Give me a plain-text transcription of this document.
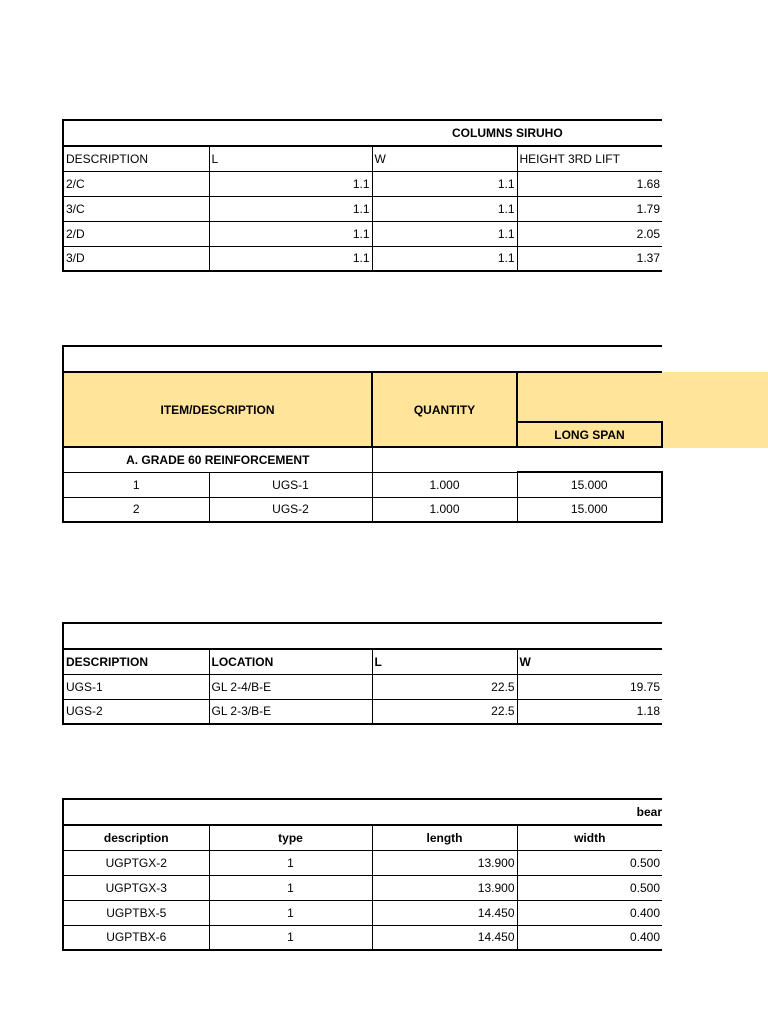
		COLUMNS SIRUHO	
DESCRIPTION	L	W	HEIGHT 3RD LIFT
2/C	1.1	1.1	1.68
3/C	1.1	1.1	1.79
2/D	1.1	1.1	2.05
3/D	1.1	1.1	1.37

ITEM/DESCRIPTION		QUANTITY	
			LONG SPAN
A. GRADE 60 REINFORCEMENT			
1	UGS-1	1.000	15.000
2	UGS-2	1.000	15.000

DESCRIPTION	LOCATION	L	W
UGS-1	GL 2-4/B-E	22.5	19.75
UGS-2	GL 2-3/B-E	22.5	1.18
			bear
description	type	length	width
UGPTGX-2	1	13.900	0.500
UGPTGX-3	1	13.900	0.500
UGPTBX-5	1	14.450	0.400
UGPTBX-6	1	14.450	0.400
